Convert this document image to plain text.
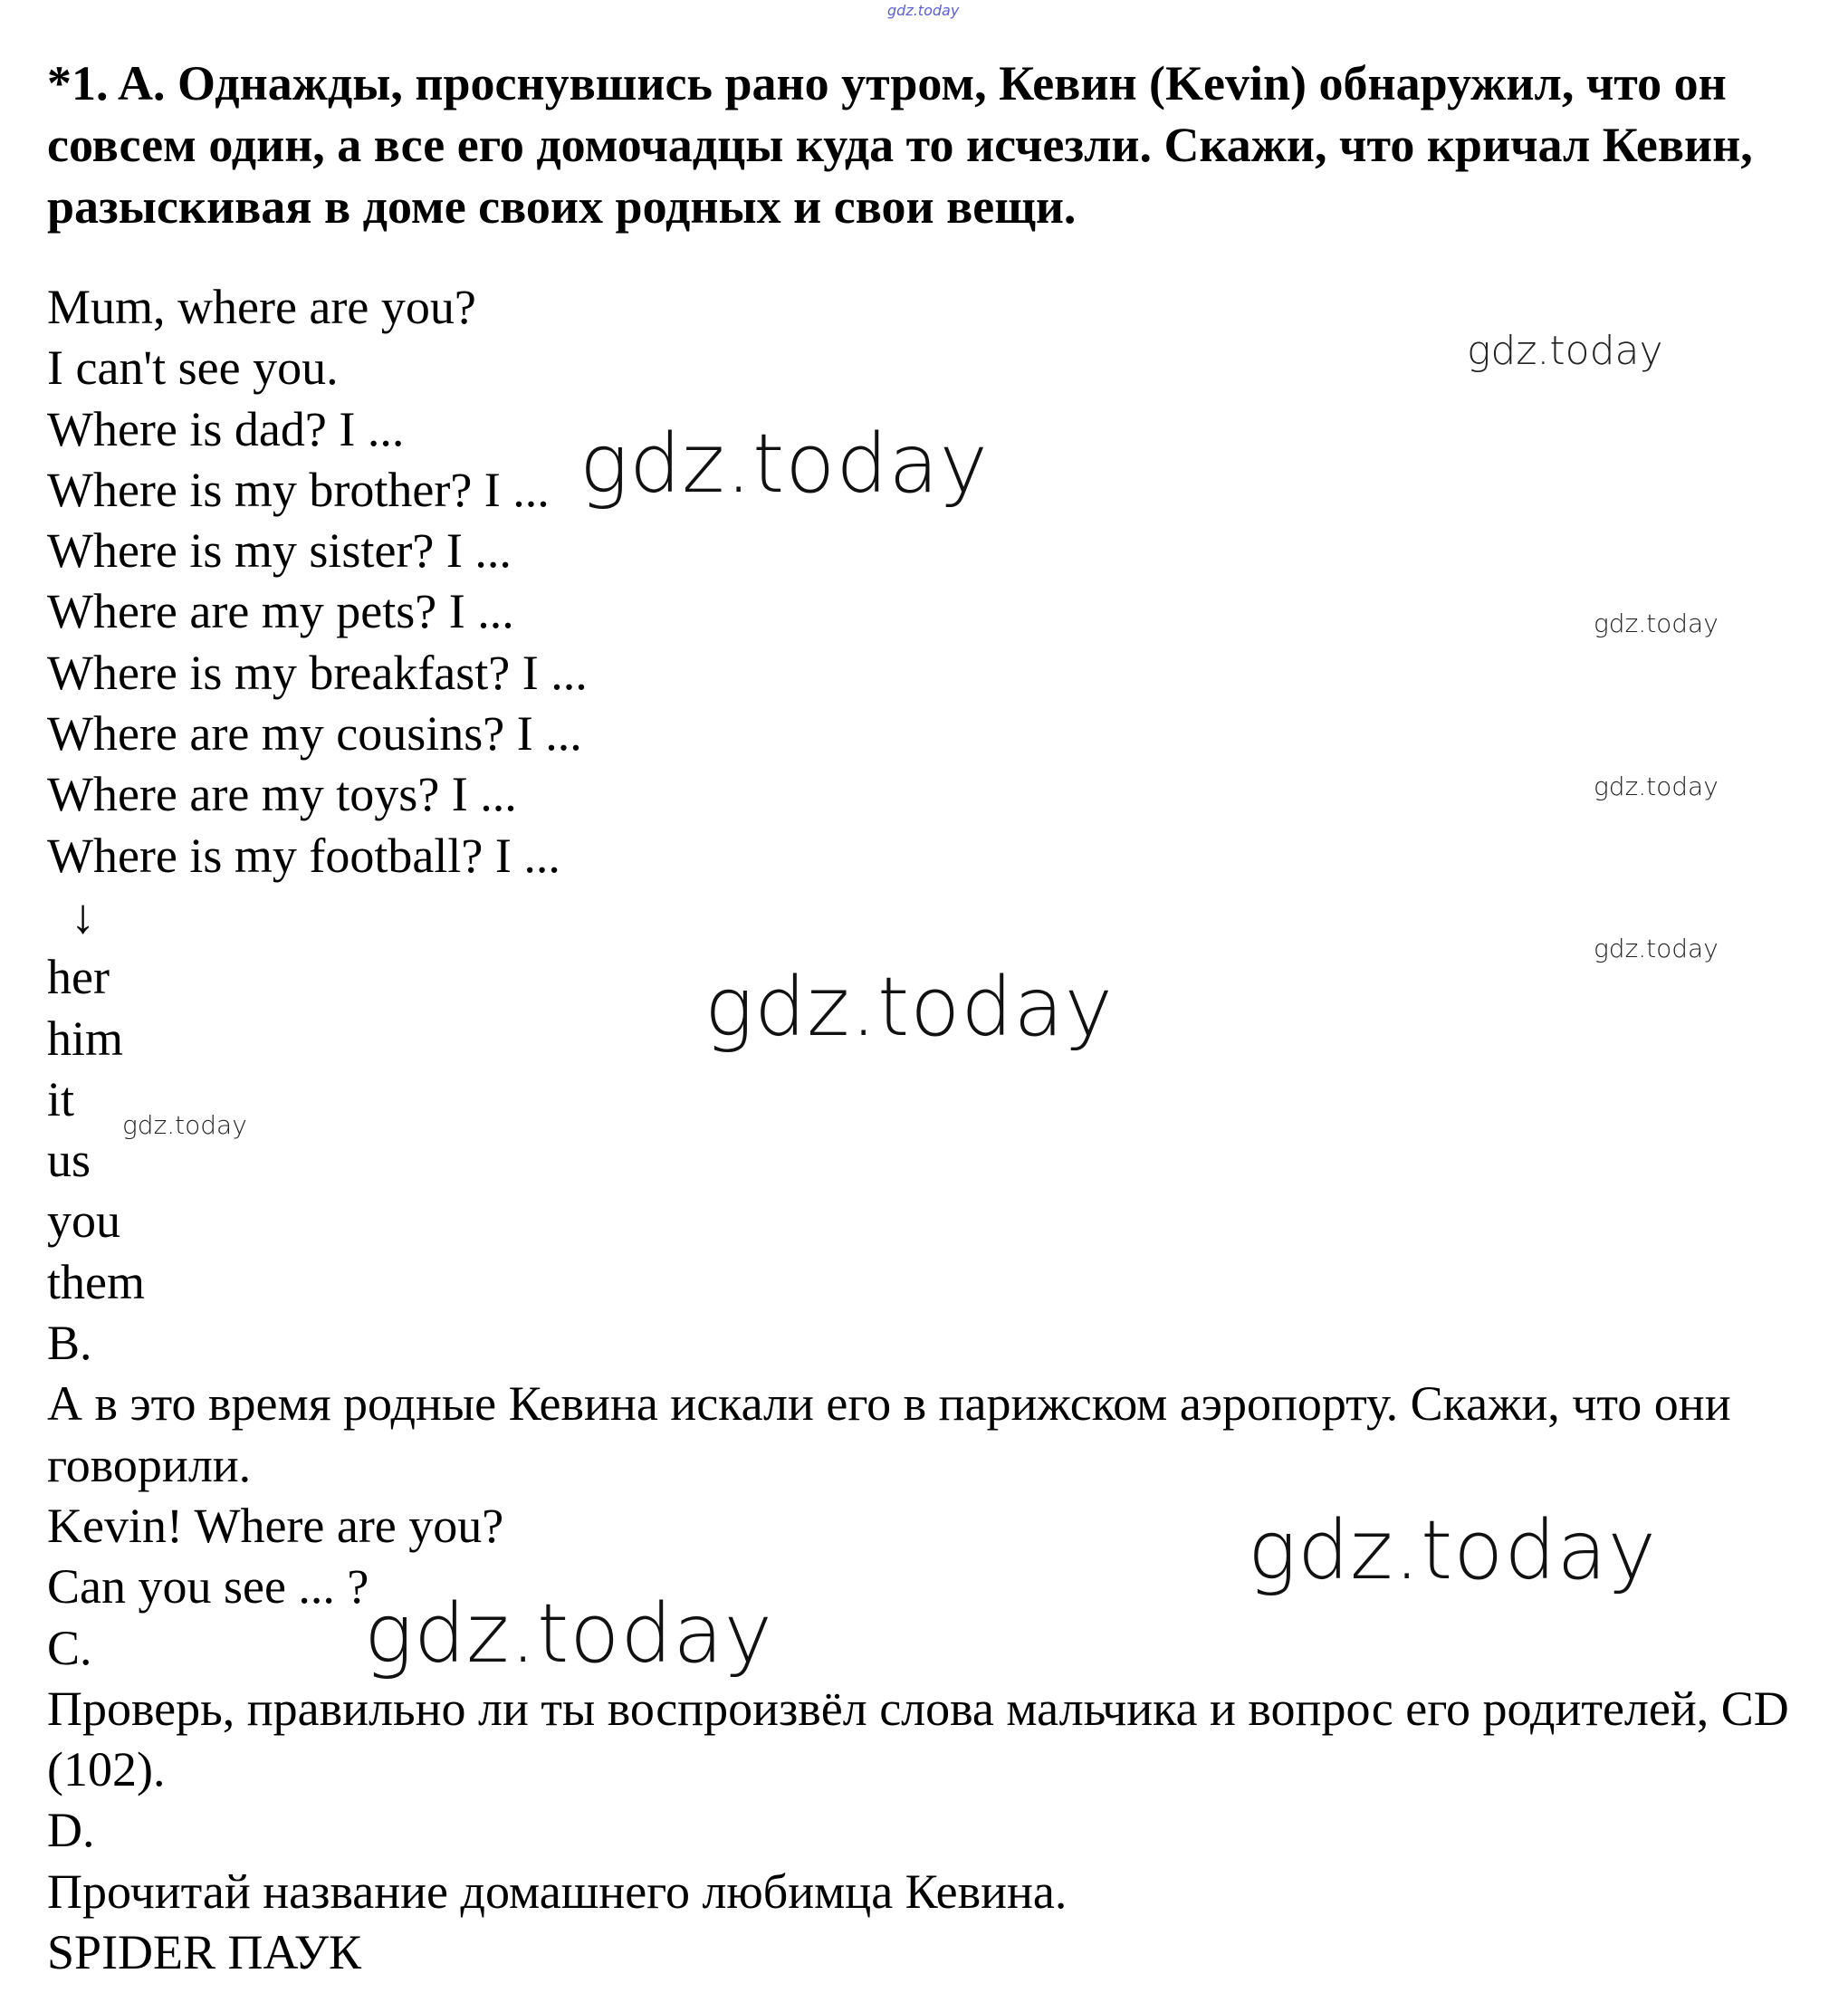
gdz.today

*1. A. Однажды, проснувшись рано утром, Кевин (Kevin) обнаружил, что он совсем один, а все его домочадцы куда то исчезли. Скажи, что кричал Кевин, разыскивая в доме своих родных и свои вещи.

Mum, where are you?
I can't see you.
Where is dad? I ...
Where is my brother? I ...
Where is my sister? I ...
Where are my pets? I ...
Where is my breakfast? I ...
Where are my cousins? I ...
Where are my toys? I ...
Where is my football? I ...
↓
her
him
it
us
you
them
B.
А в это время родные Кевина искали его в парижском аэропорту. Скажи, что они говорили.
Kevin! Where are you?
Can you see ... ?
C.
Проверь, правильно ли ты воспроизвёл слова мальчика и вопрос его родителей, CD (102).
D.
Прочитай название домашнего любимца Кевина.
SPIDER ПАУК
gdz.today
gdz.today
gdz.today
gdz.today
gdz.today
gdz.today
gdz.today
gdz.today
gdz.today
